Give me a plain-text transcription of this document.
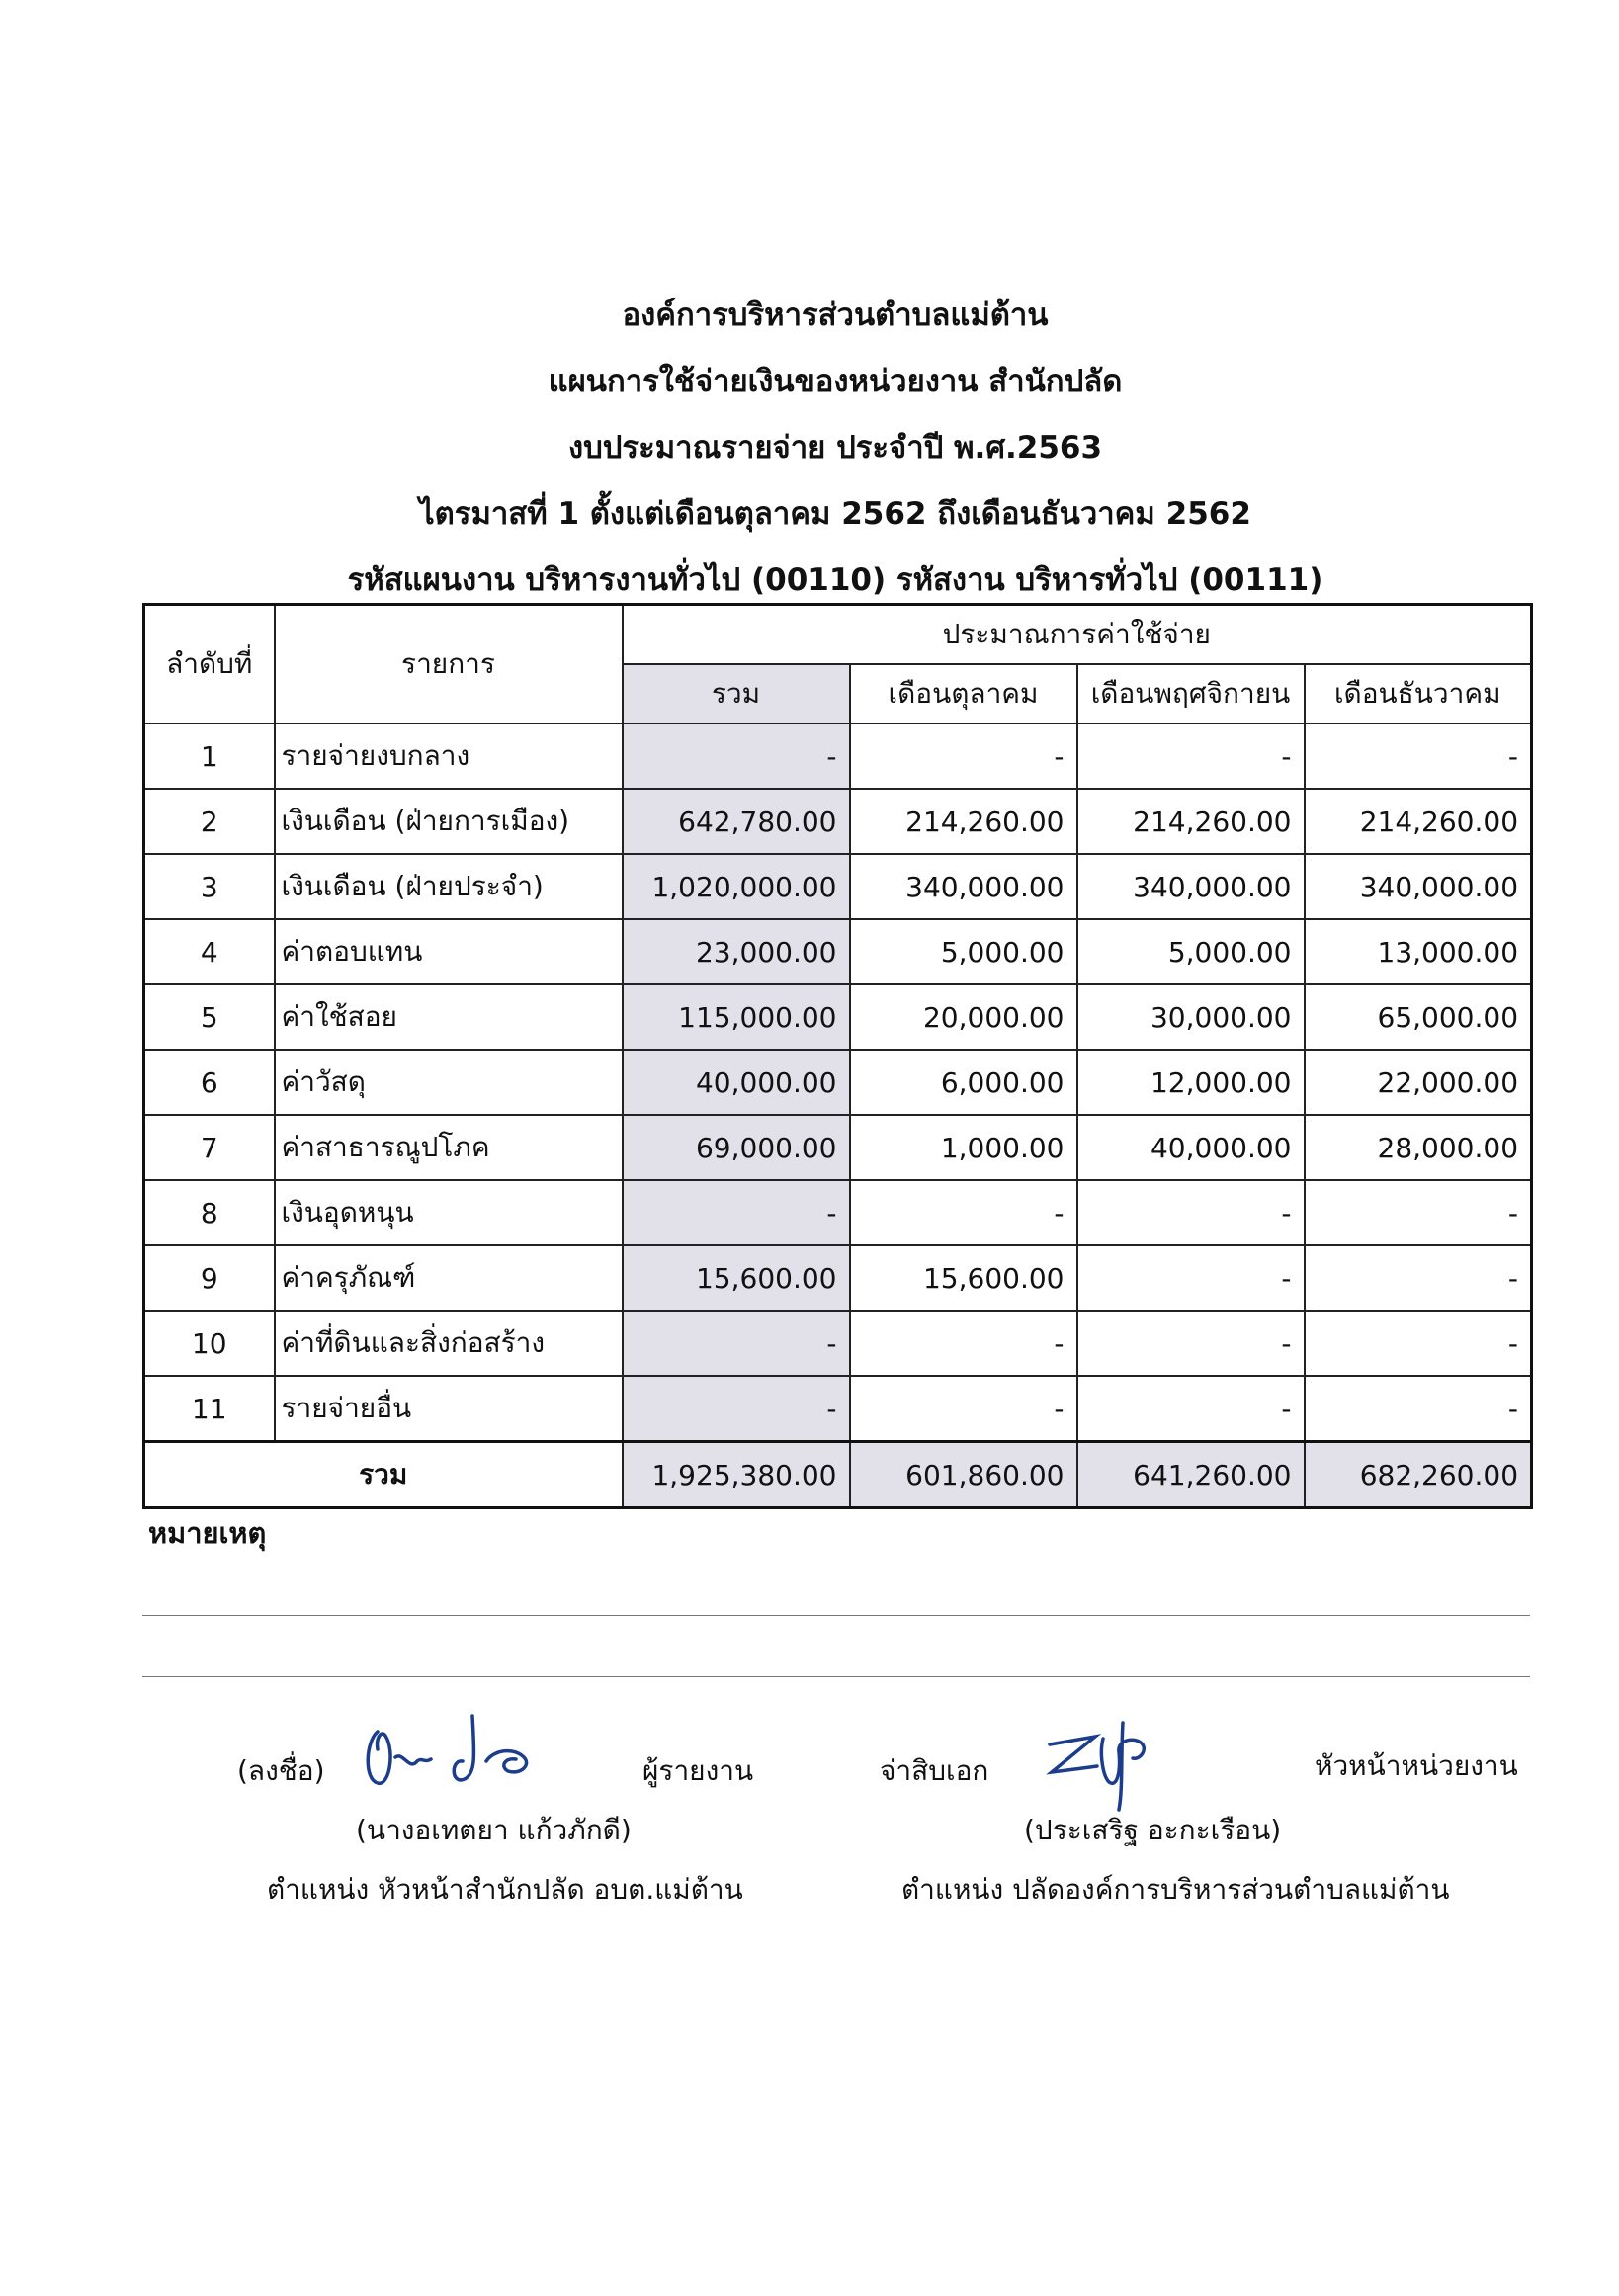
องค์การบริหารส่วนตำบลแม่ต้าน
แผนการใช้จ่ายเงินของหน่วยงาน สำนักปลัด
งบประมาณรายจ่าย ประจำปี พ.ศ.2563
ไตรมาสที่ 1 ตั้งแต่เดือนตุลาคม 2562 ถึงเดือนธันวาคม 2562
รหัสแผนงาน บริหารงานทั่วไป (00110) รหัสงาน บริหารทั่วไป (00111)
ลำดับที่	รายการ	ประมาณการค่าใช้จ่าย			
		รวม	เดือนตุลาคม	เดือนพฤศจิกายน	เดือนธันวาคม
1	รายจ่ายงบกลาง	-	-	-	-
2	เงินเดือน (ฝ่ายการเมือง)	642,780.00	214,260.00	214,260.00	214,260.00
3	เงินเดือน (ฝ่ายประจำ)	1,020,000.00	340,000.00	340,000.00	340,000.00
4	ค่าตอบแทน	23,000.00	5,000.00	5,000.00	13,000.00
5	ค่าใช้สอย	115,000.00	20,000.00	30,000.00	65,000.00
6	ค่าวัสดุ	40,000.00	6,000.00	12,000.00	22,000.00
7	ค่าสาธารณูปโภค	69,000.00	1,000.00	40,000.00	28,000.00
8	เงินอุดหนุน	-	-	-	-
9	ค่าครุภัณฑ์	15,600.00	15,600.00	-	-
10	ค่าที่ดินและสิ่งก่อสร้าง	-	-	-	-
11	รายจ่ายอื่น	-	-	-	-
รวม		1,925,380.00	601,860.00	641,260.00	682,260.00
หมายเหตุ
(ลงชื่อ)	ผู้รายงาน
(นางอเทตยา แก้วภักดี)
ตำแหน่ง หัวหน้าสำนักปลัด อบต.แม่ต้าน
จ่าสิบเอก	หัวหน้าหน่วยงาน
(ประเสริฐ อะกะเรือน)
ตำแหน่ง ปลัดองค์การบริหารส่วนตำบลแม่ต้าน
